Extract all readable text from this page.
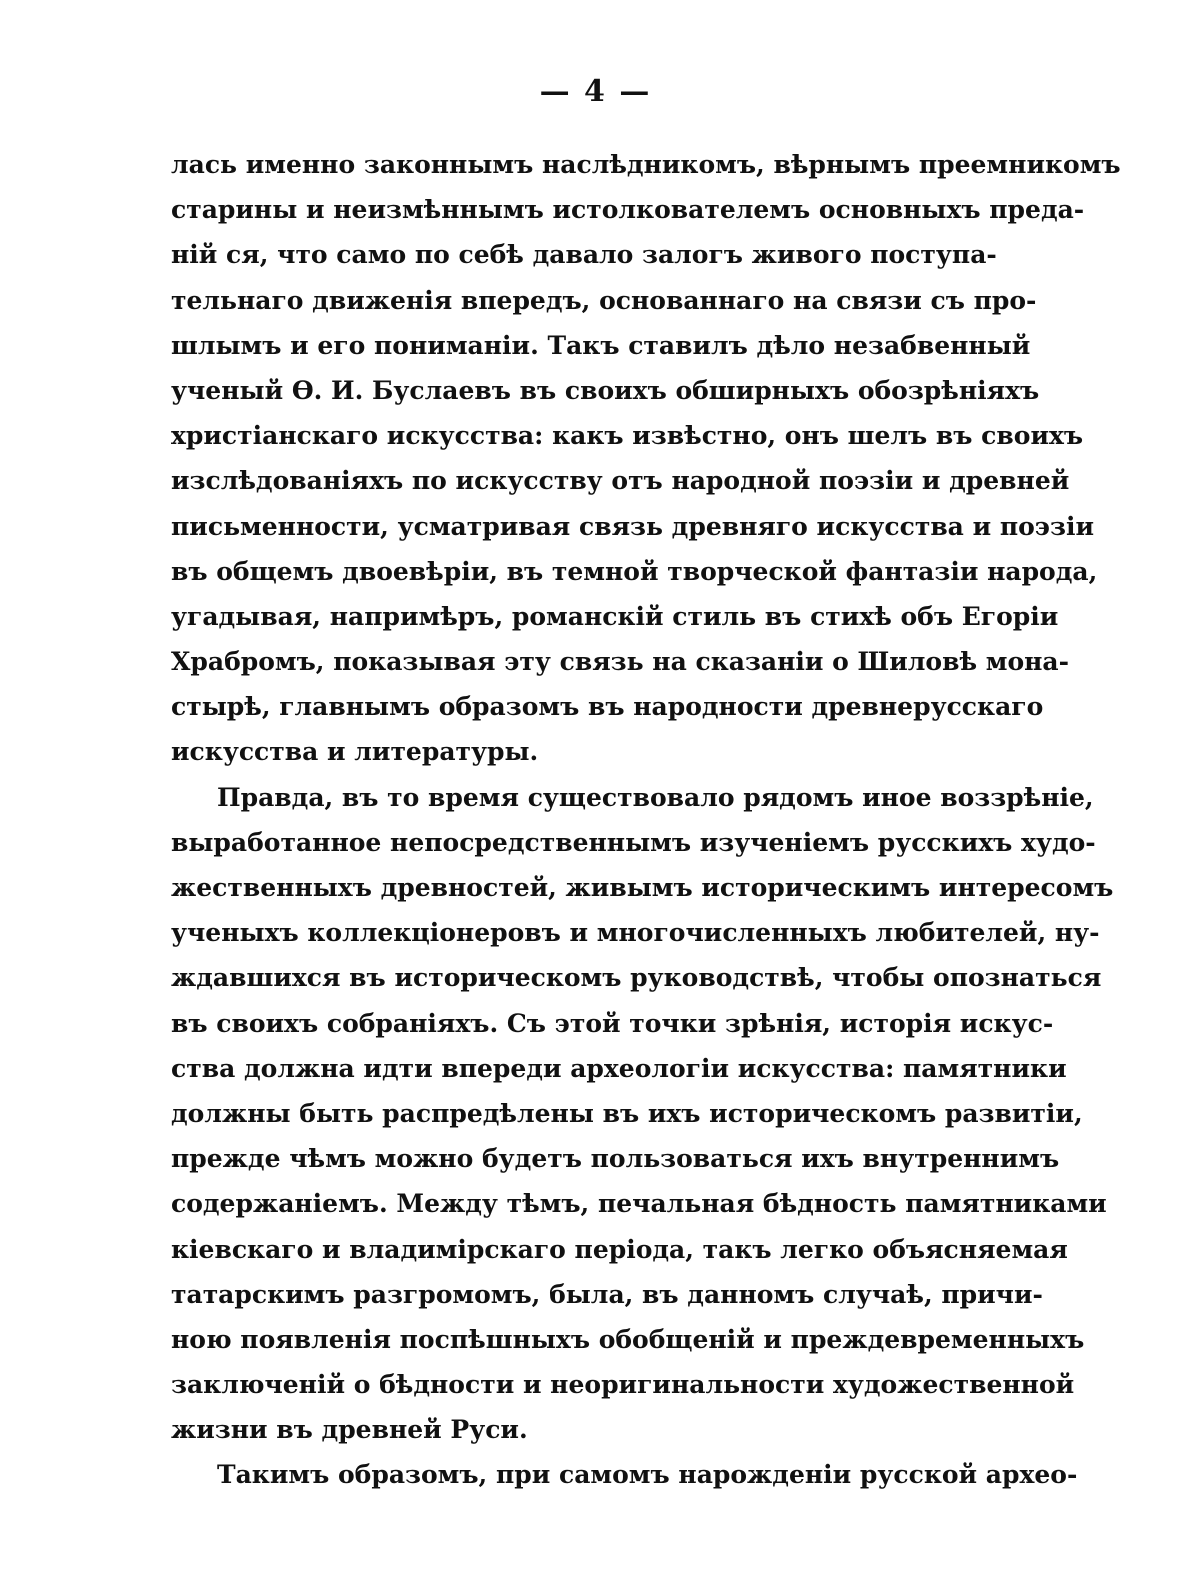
— 4 —
лась именно законнымъ наслѣдникомъ, вѣрнымъ преемникомъ
старины и неизмѣннымъ истолкователемъ основныхъ преда-
ній ся, что само по себѣ давало залогъ живого поступа-
тельнаго движенія впередъ, основаннаго на связи съ про-
шлымъ и его пониманіи. Такъ ставилъ дѣло незабвенный
ученый Ѳ. И. Буслаевъ въ своихъ обширныхъ обозрѣніяхъ
христіанскаго искусства: какъ извѣстно, онъ шелъ въ своихъ
изслѣдованіяхъ по искусству отъ народной поэзіи и древней
письменности, усматривая связь древняго искусства и поэзіи
въ общемъ двоевѣріи, въ темной творческой фантазіи народа,
угадывая, напримѣръ, романскій стиль въ стихѣ объ Егоріи
Храбромъ, показывая эту связь на сказаніи о Шиловѣ мона-
стырѣ, главнымъ образомъ въ народности древнерусскаго
искусства и литературы.
Правда, въ то время существовало рядомъ иное воззрѣніе,
выработанное непосредственнымъ изученіемъ русскихъ худо-
жественныхъ древностей, живымъ историческимъ интересомъ
ученыхъ коллекціонеровъ и многочисленныхъ любителей, ну-
ждавшихся въ историческомъ руководствѣ, чтобы опознаться
въ своихъ собраніяхъ. Съ этой точки зрѣнія, исторія искус-
ства должна идти впереди археологіи искусства: памятники
должны быть распредѣлены въ ихъ историческомъ развитіи,
прежде чѣмъ можно будетъ пользоваться ихъ внутреннимъ
содержаніемъ. Между тѣмъ, печальная бѣдность памятниками
кіевскаго и владимірскаго періода, такъ легко объясняемая
татарскимъ разгромомъ, была, въ данномъ случаѣ, причи-
ною появленія поспѣшныхъ обобщеній и преждевременныхъ
заключеній о бѣдности и неоригинальности художественной
жизни въ древней Руси.
Такимъ образомъ, при самомъ нарожденіи русской архео-
